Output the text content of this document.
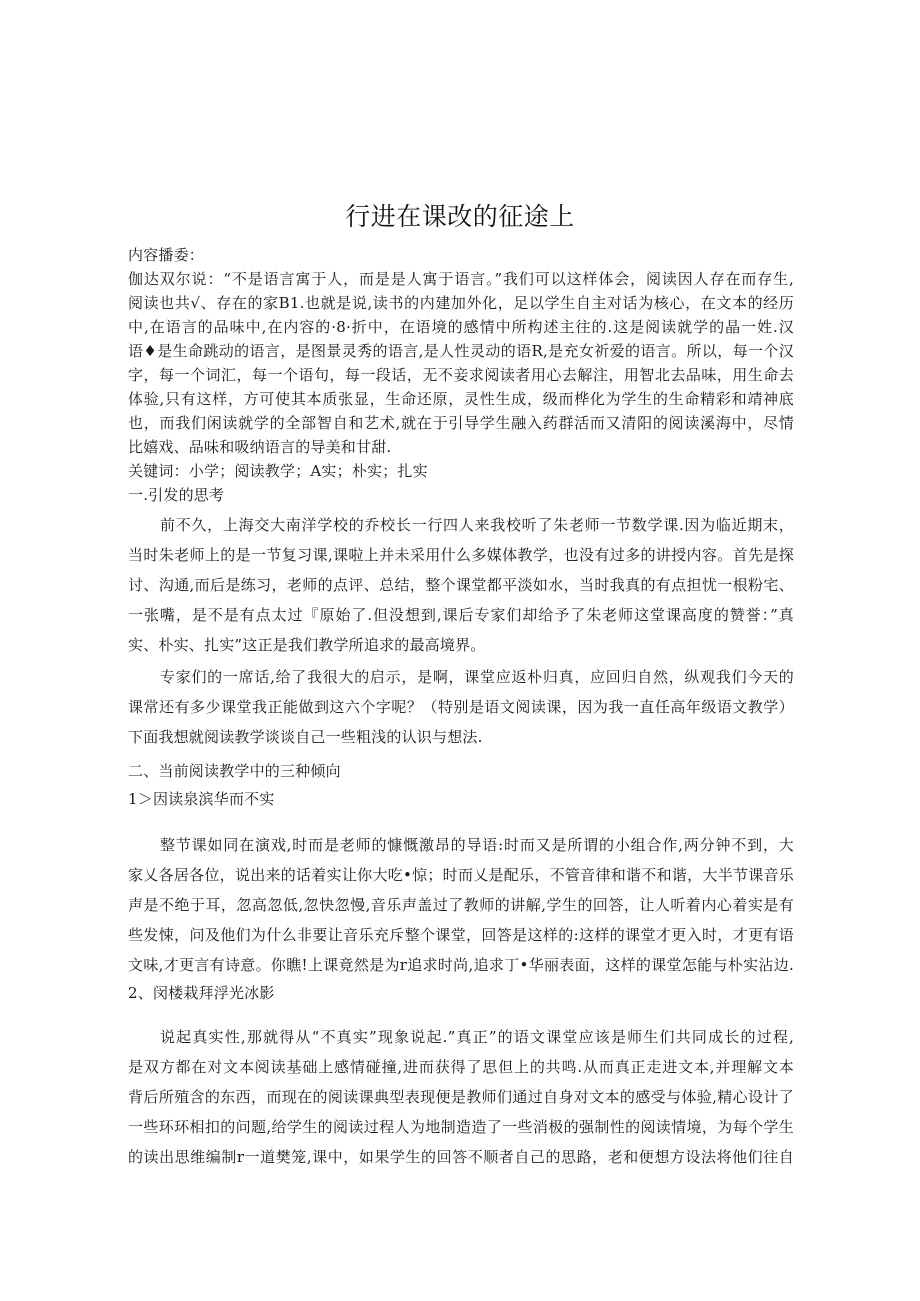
行进在课改的征途上
内容播委：
伽达双尔说：“不是语言寓于人，而是是人寓于语言。”我们可以这样体会，阅读因人存在而存生,
阅读也共√、存在的家B1.也就是说,读书的内建加外化，足以学生自主对话为核心，在文本的经历
中,在语言的品味中,在内容的·8·折中，在语境的感情中所构述主往的.这是阅读就学的晶一姓.汉
语♦是生命跳动的语言，是图景灵秀的语言,是人性灵动的语R,是充女祈爱的语言。所以，每一个汉
字，每一个词汇，每一个语句，每一段话，无不妾求阅读者用心去解注，用智北去品味，用生命去
体验,只有这样，方可使其本质张显，生命还原，灵性生成，级而桦化为学生的生命精彩和靖神底
也，而我们闲读就学的全部智自和艺术,就在于引导学生融入药群活而又清阳的阅读溪海中，尽情
比嬉戏、品味和吸纳语言的导美和甘甜.
关键词：小学；阅读教学；A实；朴实；扎实
一.引发的思考
前不久，上海交大南洋学校的乔校长一行四人来我校听了朱老师一节数学课.因为临近期末，
当时朱老师上的是一节复习课,课啦上并未采用什么多媒体教学，也没有过多的讲授内容。首先是探
讨、沟通,而后是练习，老师的点评、总结，整个课堂都平淡如水，当时我真的有点担忧一根粉宅、
一张嘴，是不是有点太过『原始了.但没想到,课后专家们却给予了朱老师这堂课高度的赞誉：”真
实、朴实、扎实”这正是我们教学所追求的最高境界。
专家们的一席话,给了我很大的启示，是啊，课堂应返朴归真，应回归自然，纵观我们今天的
课常还有多少课堂我正能做到这六个字呢？（特别是语文阅读课，因为我一直任高年级语文教学）
下面我想就阅读教学谈谈自己一些粗浅的认识与想法.
二、当前阅读教学中的三种倾向
1＞因读泉滨华而不实
整节课如同在演戏,时而是老师的慷慨激昂的导语:时而又是所谓的小组合作,两分钟不到，大
家乂各居各位，说出来的话着实让你大吃•惊；时而乂是配乐，不管音律和谐不和谐，大半节课音乐
声是不绝于耳，忽高忽低,忽快忽慢,音乐声盖过了教师的讲解,学生的回答，让人听着内心着实是有
些发悚，问及他们为什么非要让音乐充斥整个课堂，回答是这样的:这样的课堂才更入时，才更有语
文味,才更言有诗意。你瞧!上课竟然是为r追求时尚,追求丁•华丽表面，这样的课堂怎能与朴实沾边.
2、闵楼栽拜浮光冰影
说起真实性,那就得从“不真实”现象说起.”真正”的语文课堂应该是师生们共同成长的过程,
是双方都在对文本阅读基础上感情碰撞,进而获得了思但上的共鸣.从而真正走进文本,并理解文本
背后所殖含的东西，而现在的阅读课典型表现便是教师们通过自身对文本的感受与体验,精心设计了
一些环环相扣的问题,给学生的阅读过程人为地制造造了一些消极的强制性的阅读情境，为每个学生
的读出思维编制r一道樊笼,课中，如果学生的回答不顺者自己的思路，老和便想方设法将他们往自
